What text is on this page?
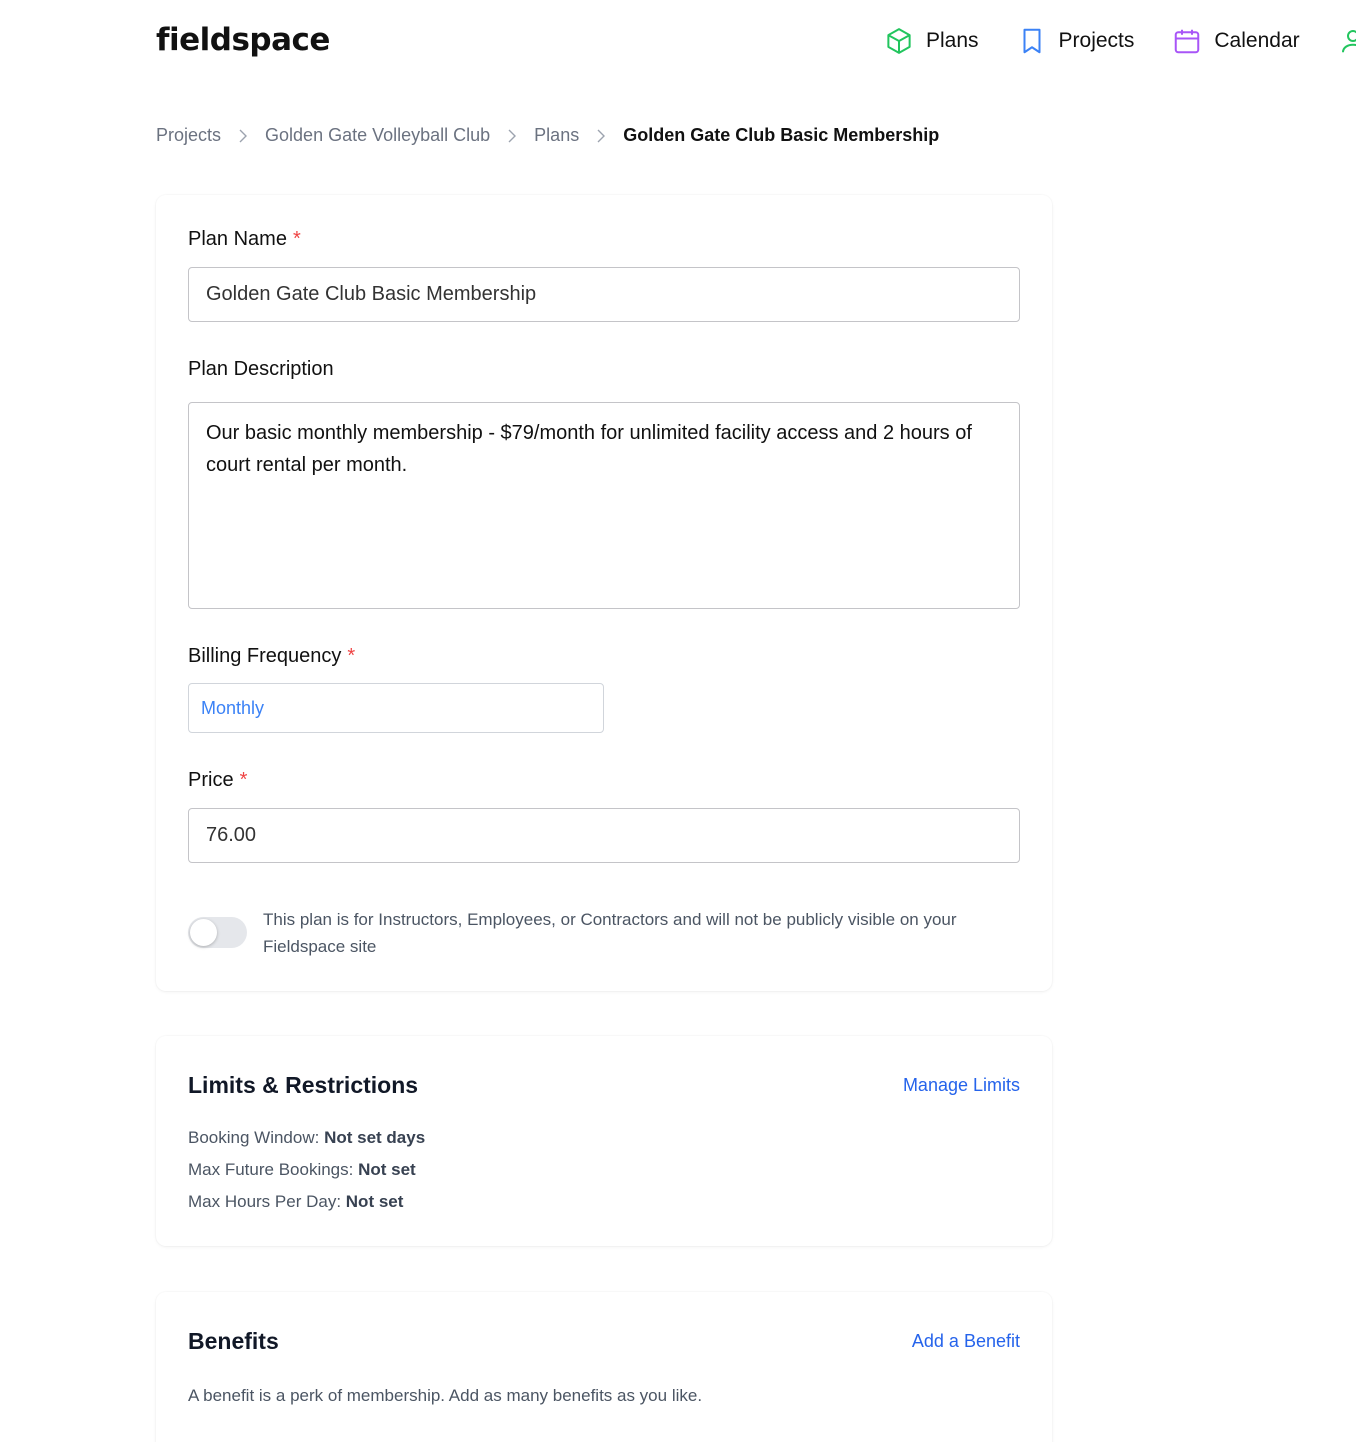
fieldspace	Plans	Projects	Calendar
Projects Golden Gate Volleyball Club Plans Golden Gate Club Basic Membership
Plan Name *
Golden Gate Club Basic Membership
Plan Description
Our basic monthly membership - $79/month for unlimited facility access and 2 hours of court rental per month.
Billing Frequency *
Monthly
Price *
76.00
This plan is for Instructors, Employees, or Contractors and will not be publicly visible on your Fieldspace site
Limits & Restrictions	Manage Limits
Booking Window: Not set days
Max Future Bookings: Not set
Max Hours Per Day: Not set
Benefits	Add a Benefit
A benefit is a perk of membership. Add as many benefits as you like.
